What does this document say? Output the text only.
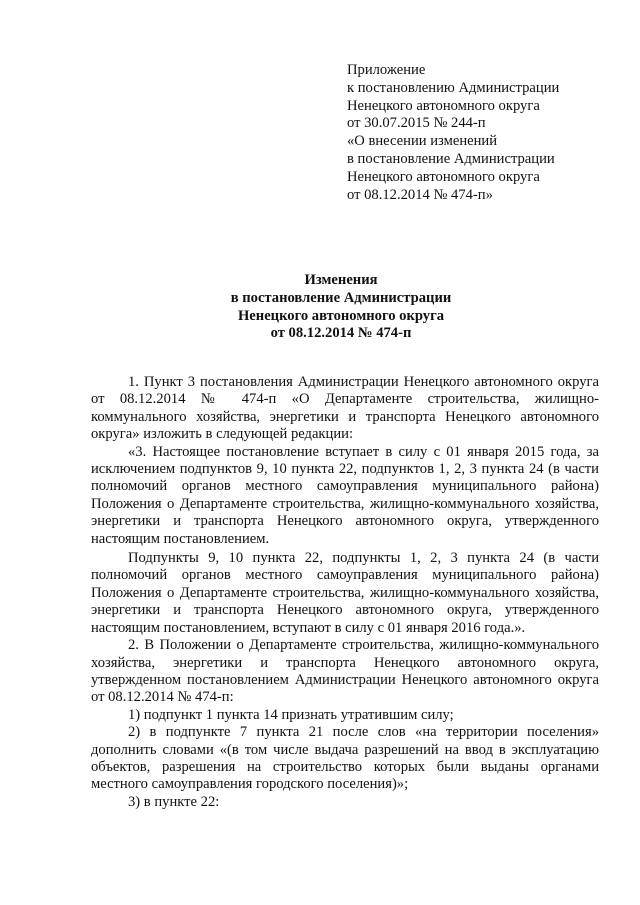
Приложение
к постановлению Администрации
Ненецкого автономного округа
от 30.07.2015 № 244-п
«О внесении изменений
в постановление Администрации
Ненецкого автономного округа
от 08.12.2014 № 474-п»
Изменения
в постановление Администрации
Ненецкого автономного округа
от 08.12.2014 № 474-п

1. Пункт 3 постановления Администрации Ненецкого автономного округа от 08.12.2014 № 474-п «О Департаменте строительства, жилищно-коммунального хозяйства, энергетики и транспорта Ненецкого автономного округа» изложить в следующей редакции:

«3. Настоящее постановление вступает в силу с 01 января 2015 года, за исключением подпунктов 9, 10 пункта 22, подпунктов 1, 2, 3 пункта 24 (в части полномочий органов местного самоуправления муниципального района) Положения о Департаменте строительства, жилищно-коммунального хозяйства, энергетики и транспорта Ненецкого автономного округа, утвержденного настоящим постановлением.

Подпункты 9, 10 пункта 22, подпункты 1, 2, 3 пункта 24 (в части полномочий органов местного самоуправления муниципального района) Положения о Департаменте строительства, жилищно-коммунального хозяйства, энергетики и транспорта Ненецкого автономного округа, утвержденного настоящим постановлением, вступают в силу с 01 января 2016 года.».

2. В Положении о Департаменте строительства, жилищно-коммунального хозяйства, энергетики и транспорта Ненецкого автономного округа, утвержденном постановлением Администрации Ненецкого автономного округа от 08.12.2014 № 474-п:

1) подпункт 1 пункта 14 признать утратившим силу;

2) в подпункте 7 пункта 21 после слов «на территории поселения» дополнить словами «(в том числе выдача разрешений на ввод в эксплуатацию объектов, разрешения на строительство которых были выданы органами местного самоуправления городского поселения)»;

3) в пункте 22:
